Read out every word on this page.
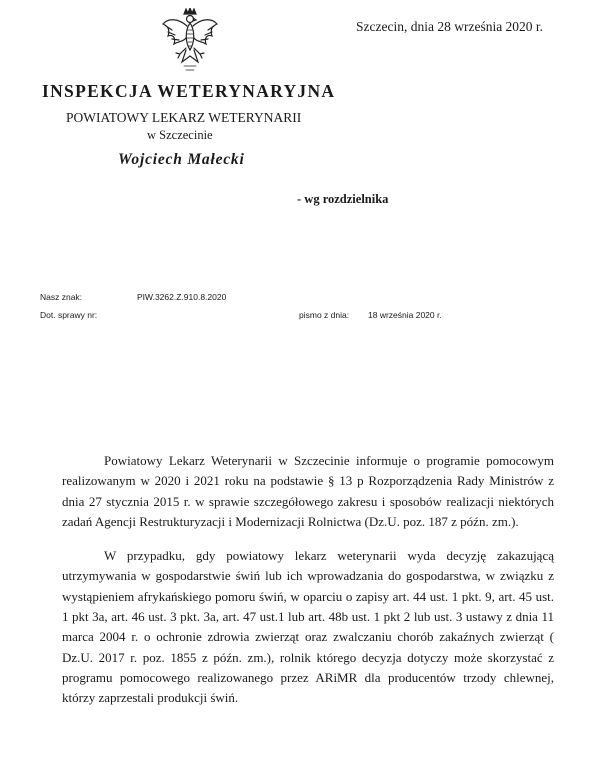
Szczecin, dnia 28 września 2020 r.
INSPEKCJA WETERYNARYJNA
POWIATOWY LEKARZ WETERYNARII
w Szczecinie
Wojciech Małecki
- wg rozdzielnika
Nasz znak:	PIW.3262.Z.910.8.2020
Dot. sprawy nr:	pismo z dnia: 18 września 2020 r.

Powiatowy Lekarz Weterynarii w Szczecinie informuje o programie pomocowym realizowanym w 2020 i 2021 roku na podstawie § 13 p Rozporządzenia Rady Ministrów z dnia 27 stycznia 2015 r. w sprawie szczegółowego zakresu i sposobów realizacji niektórych zadań Agencji Restrukturyzacji i Modernizacji Rolnictwa (Dz.U. poz. 187 z późn. zm.).

W przypadku, gdy powiatowy lekarz weterynarii wyda decyzję zakazującą utrzymywania w gospodarstwie świń lub ich wprowadzania do gospodarstwa, w związku z wystąpieniem afrykańskiego pomoru świń, w oparciu o zapisy art. 44 ust. 1 pkt. 9, art. 45 ust. 1 pkt 3a, art. 46 ust. 3 pkt. 3a, art. 47 ust.1 lub art. 48b ust. 1 pkt 2 lub ust. 3 ustawy z dnia 11 marca 2004 r. o ochronie zdrowia zwierząt oraz zwalczaniu chorób zakaźnych zwierząt ( Dz.U. 2017 r. poz. 1855 z późn. zm.), rolnik którego decyzja dotyczy może skorzystać z programu pomocowego realizowanego przez ARiMR dla producentów trzody chlewnej, którzy zaprzestali produkcji świń.
